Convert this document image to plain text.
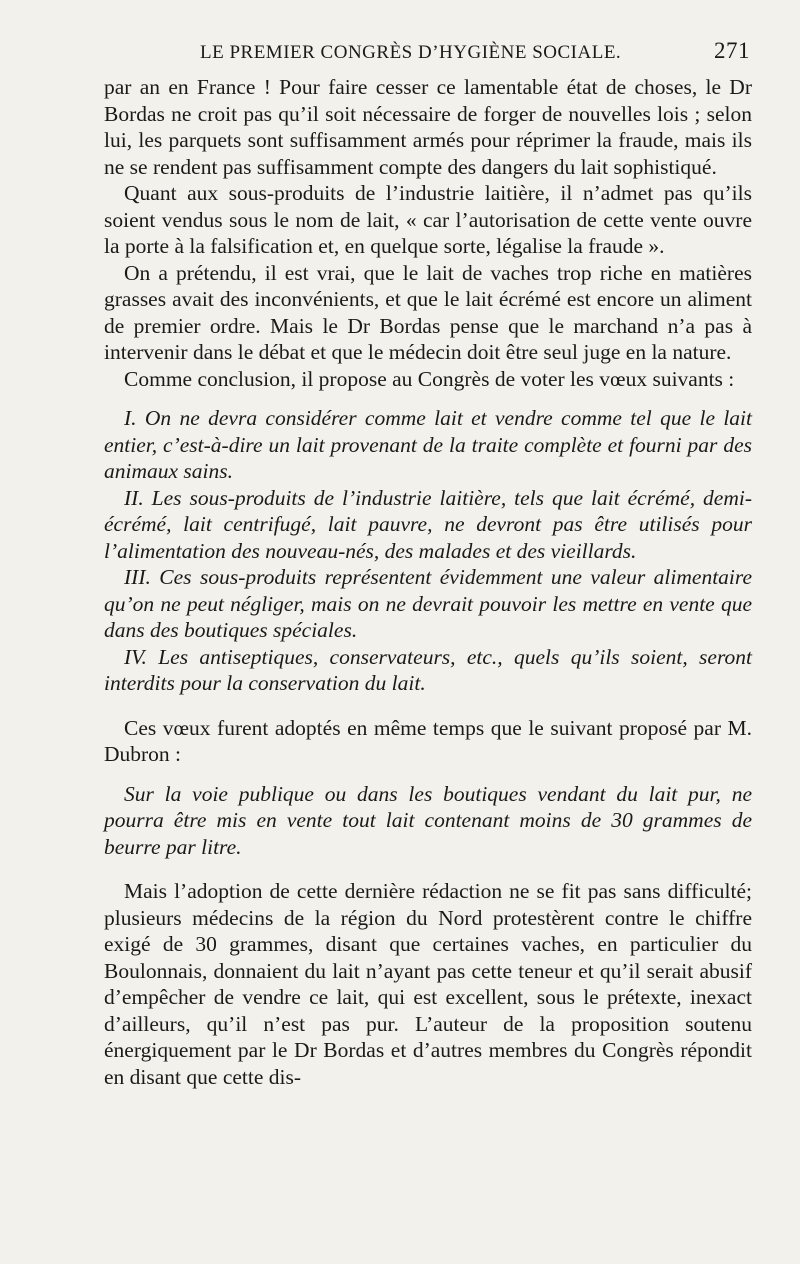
LE PREMIER CONGRÈS D’HYGIÈNE SOCIALE.	271

par an en France ! Pour faire cesser ce lamentable état de choses, le Dr Bordas ne croit pas qu’il soit nécessaire de forger de nouvelles lois ; selon lui, les parquets sont suffisamment armés pour réprimer la fraude, mais ils ne se rendent pas suffisamment compte des dangers du lait sophistiqué.

Quant aux sous-produits de l’industrie laitière, il n’admet pas qu’ils soient vendus sous le nom de lait, « car l’autorisation de cette vente ouvre la porte à la falsification et, en quelque sorte, légalise la fraude ».

On a prétendu, il est vrai, que le lait de vaches trop riche en matières grasses avait des inconvénients, et que le lait écrémé est encore un aliment de premier ordre. Mais le Dr Bordas pense que le marchand n’a pas à intervenir dans le débat et que le médecin doit être seul juge en la nature.

Comme conclusion, il propose au Congrès de voter les vœux suivants :

I. On ne devra considérer comme lait et vendre comme tel que le lait entier, c’est-à-dire un lait provenant de la traite complète et fourni par des animaux sains.

II. Les sous-produits de l’industrie laitière, tels que lait écrémé, demi-écrémé, lait centrifugé, lait pauvre, ne devront pas être utilisés pour l’alimentation des nouveau-nés, des malades et des vieillards.

III. Ces sous-produits représentent évidemment une valeur alimentaire qu’on ne peut négliger, mais on ne devrait pouvoir les mettre en vente que dans des boutiques spéciales.

IV. Les antiseptiques, conservateurs, etc., quels qu’ils soient, seront interdits pour la conservation du lait.

Ces vœux furent adoptés en même temps que le suivant proposé par M. Dubron :

Sur la voie publique ou dans les boutiques vendant du lait pur, ne pourra être mis en vente tout lait contenant moins de 30 grammes de beurre par litre.

Mais l’adoption de cette dernière rédaction ne se fit pas sans difficulté; plusieurs médecins de la région du Nord protestèrent contre le chiffre exigé de 30 grammes, disant que certaines vaches, en particulier du Boulonnais, donnaient du lait n’ayant pas cette teneur et qu’il serait abusif d’empêcher de vendre ce lait, qui est excellent, sous le prétexte, inexact d’ailleurs, qu’il n’est pas pur. L’auteur de la proposition soutenu énergiquement par le Dr Bordas et d’autres membres du Congrès répondit en disant que cette dis-
